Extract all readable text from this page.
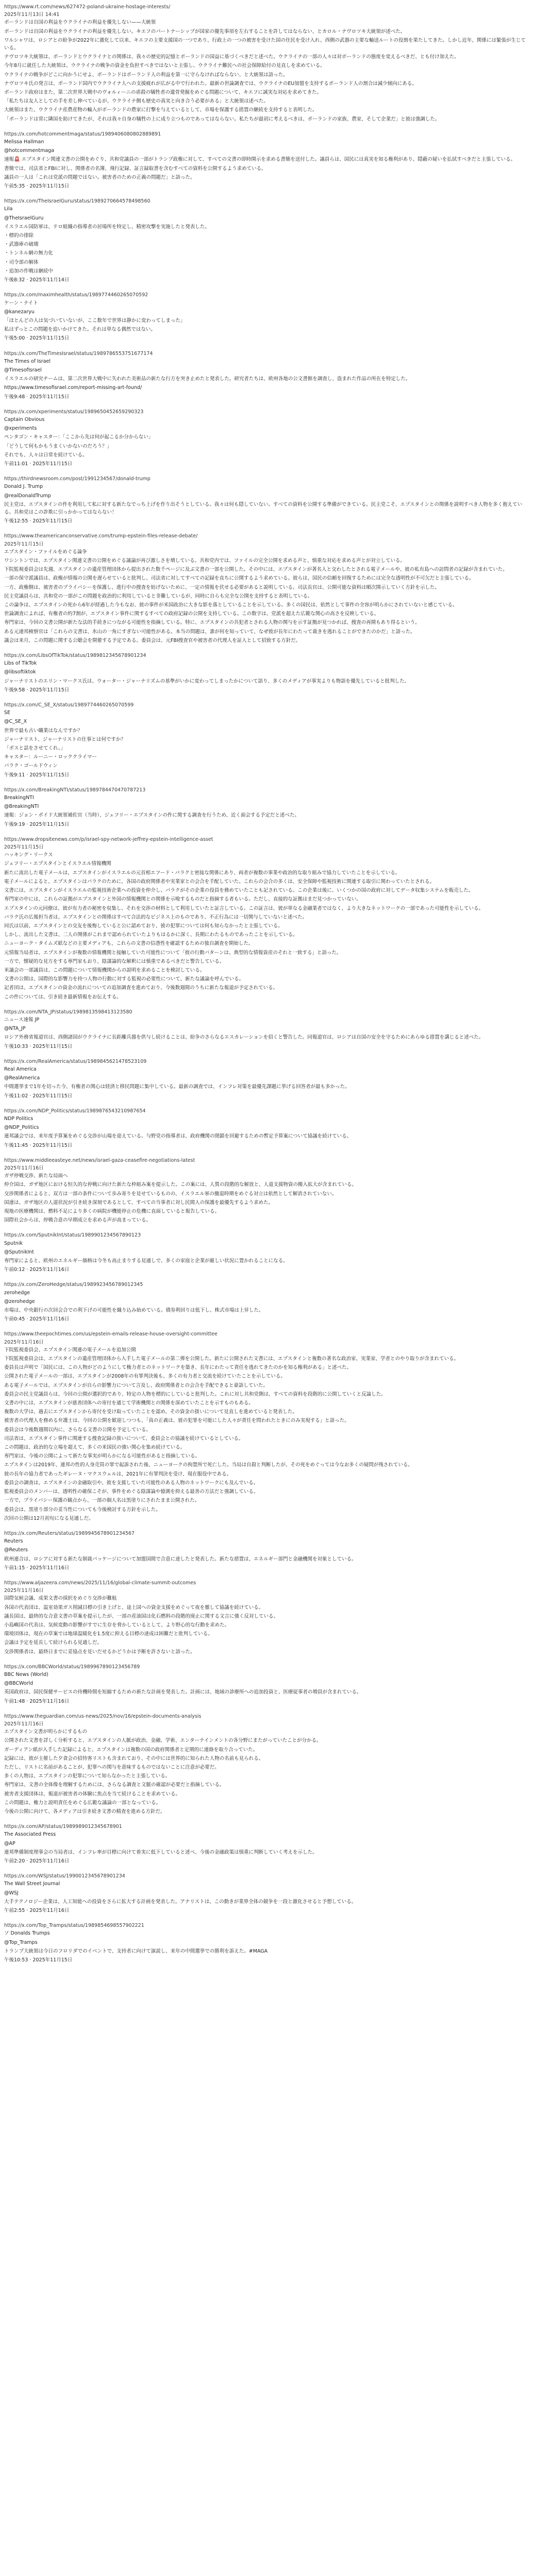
https://www.rt.com/news/627472-poland-ukraine-hostage-interests/
2025年11月13日 14:41
ポーランドは自国の利益をウクライナの利益を優先しない——大統領
ポーランドは自国の利益をウクライナの利益を優先しない。キエフのパートナーシップが国家の優先事項を左右することを許してはならない、とカロル・ナヴロツキ大統領が述べた。
ワルシャワは、ロシアとの紛争が2022年に激化して以来、キエフの主要支援国の一つであり、行政上の一つの被害を受けた国の住民を受け入れ、西側の武器の主要な輸送ルートの役割を果たしてきた。しかし近年、関係には緊張が生じている。
ナヴロツキ大統領は、ポーランドとウクライナとの関係は、我々の歴史的記憶とポーランドの国益に基づくべきだと述べた。ウクライナの一部の人々は対ポーランドの態度を変えるべきだ、とも付け加えた。
今年8月に就任した大統領は、ウクライナの戦争の資金を負担すべきではないと主張し、ウクライナ難民への社会保障給付の見直しを求めている。
ウクライナの戦争がどこに向かうにせよ、ポーランドはポーランド人の利益を第一に守らなければならない、と大統領は語った。
ナヴロツキ氏の発言は、ポーランド国内でウクライナ人への支援疲れが広がる中で行われた。最新の世論調査では、ウクライナのEU加盟を支持するポーランド人の割合は減少傾向にある。
ポーランド政府はまた、第二次世界大戦中のヴォルィーニの虐殺の犠牲者の遺骨発掘をめぐる問題について、キエフに誠実な対応を求めてきた。
「私たちは友人としての手を差し伸べているが、ウクライナ側も歴史の真実と向き合う必要がある」と大統領は述べた。
大統領はまた、ウクライナ産農産物の輸入がポーランドの農家に打撃を与えているとして、市場を保護する措置の継続を支持すると表明した。
「ポーランドは常に隣国を助けてきたが、それは我々自身の犠牲の上に成り立つものであってはならない。私たちが最初に考えるべきは、ポーランドの家族、農家、そして企業だ」と彼は強調した。
https://x.com/hotcommentmaga/status/1989406080802889891
Melissa Hallman
@hotcommentmaga
速報🚨 エプスタイン関連文書の公開をめぐり、共和党議員の一部がトランプ政権に対して、すべての文書の即時開示を求める書簡を送付した。議員らは、国民には真実を知る権利があり、隠蔽の疑いを払拭すべきだと主張している。
書簡では、司法省とFBIに対し、関係者の名簿、飛行記録、証言録取書を含むすべての資料を公開するよう求めている。
議員の一人は「これは党派の問題ではない。被害者のための正義の問題だ」と語った。
午前5:35 · 2025年11月15日
https://x.com/TheIsraelGuru/status/1989270664578498560
Lila
@TheIsraelGuru
イスラエル国防軍は、テロ組織の指導者の居場所を特定し、精密攻撃を実施したと発表した。
・標的の排除
・武器庫の破壊
・トンネル網の無力化
・司令部の解体
・追加の作戦は継続中
午後8:32 · 2025年11月14日
https://x.com/maximhealth/status/1989774460265070592
ケーン・ナイト
@kanezaryu
「ほとんどの人は気づいていないが、ここ数年で世界は静かに変わってしまった」
私はずっとこの問題を追いかけてきた。それは単なる偶然ではない。
午後5:00 · 2025年11月15日
https://x.com/TheTimesIsrael/status/1989786553751677174
The Times of Israel
@TimesofIsrael
イスラエルの研究チームは、第二次世界大戦中に失われた美術品の新たな行方を突き止めたと発表した。研究者たちは、欧州各地の公文書館を調査し、盗まれた作品の所在を特定した。
https://www.timesofisrael.com/report-missing-art-found/
午後9:48 · 2025年11月15日
https://x.com/xperiments/status/1989650452659290323
Captain Obvious
@xperiments
ペンタゴン・キャスター：「ここから先は何が起こるか分からない」
「どうして何もかもうまくいかないのだろう？」
それでも、人々は日常を続けている。
午前11:01 · 2025年11月15日
https://thirdnewsroom.com/post/1991234567/donald-trump
Donald J. Trump
@realDonaldTrump
民主党は、エプスタインの件を利用して私に対する新たなでっち上げを作り出そうとしている。我々は何も隠していない。すべての資料を公開する準備ができている。民主党こそ、エプスタインとの関係を説明すべき人物を多く抱えている。共和党はこの詐欺に引っかかってはならない！
午後12:55 · 2025年11月15日
https://www.theamericanconservative.com/trump-epstein-files-release-debate/
2025年11月15日
エプスタイン・ファイルをめぐる論争
ワシントンでは、エプスタイン関連文書の公開をめぐる議論が再び激しさを増している。共和党内では、ファイルの完全公開を求める声と、慎重な対応を求める声とが対立している。
下院監視委員会は先週、エプスタインの遺産管理団体から提出された数千ページに及ぶ文書の一部を公開した。その中には、エプスタインが著名人と交わしたとされる電子メールや、彼の私有島への訪問者の記録が含まれていた。
一部の保守派議員は、政権が情報の公開を遅らせていると批判し、司法省に対してすべての記録を直ちに公開するよう求めている。彼らは、国民の信頼を回復するためには完全な透明性が不可欠だと主張している。
一方、政権側は、被害者のプライバシーを保護し、進行中の捜査を妨げないために、一定の情報を伏せる必要があると説明している。司法長官は、公開可能な資料は順次開示していく方針を示した。
民主党議員らは、共和党の一部がこの問題を政治的に利用していると非難しているが、同時に自らも完全な公開を支持すると表明している。
この論争は、エプスタインの死から6年が経過した今もなお、彼の事件が米国政治に大きな影を落としていることを示している。多くの国民は、依然として事件の全容が明らかにされていないと感じている。
世論調査によれば、有権者の約7割が、エプスタイン事件に関するすべての政府記録の公開を支持している。この数字は、党派を超えた広範な関心の高さを反映している。
専門家は、今回の文書公開が新たな法的手続きにつながる可能性を指摘している。特に、エプスタインの共犯者とされる人物の関与を示す証拠が見つかれば、捜査の再開もあり得るという。
ある元連邦検察官は「これらの文書は、氷山の一角にすぎない可能性がある。本当の問題は、誰が何を知っていて、なぜ彼が長年にわたって裁きを逃れることができたのかだ」と語った。
議会は来月、この問題に関する公聴会を開催する予定である。委員会は、元FBI捜査官や被害者の代理人を証人として招致する方針だ。
https://x.com/LibsOfTikTok/status/1989812345678901234
Libs of TikTok
@libsoftiktok
ジャーナリストのエリン・マークス氏は、ウォーター・ジャーナリズムの基準がいかに変わってしまったかについて語り、多くのメディアが事実よりも物語を優先していると批判した。
午後9:58 · 2025年11月15日
https://x.com/C_SE_X/status/1989774460265070599
SE
@C_SE_X
世界で最も古い職業はなんですか？
ジャーナリスト、ジャーナリストの仕事とは何ですか？
「ボスと話をさせてくれ。」
キャスター：ルーニー・ロッククライマー
バラク・ゴールドウィン
午後9:11 · 2025年11月15日
https://x.com/BreakingNTI/status/1989784470470787213
BreakingNTI
@BreakingNTI
速報：ジョン・ボイド大統領補佐官（当時）、ジェフリー・エプスタインの件に関する調査を行うため、近く面会する予定だと述べた。
午後9:19 · 2025年11月15日
https://www.dropsitenews.com/p/israel-spy-network-jeffrey-epstein-intelligence-asset
2025年11月15日
ハッキング・リークス
ジェフリー・エプスタインとイスラエル情報機関
新たに流出した電子メールは、エプスタインがイスラエルの元首相エフード・バラクと密接な関係にあり、両者が複数の事業や政治的な取り組みで協力していたことを示している。
電子メールによると、エプスタインはバラクのために、各国の政府関係者や実業家との会合を手配していた。これらの会合の多くは、安全保障や監視技術に関連する取引に関わっていたとされる。
文書には、エプスタインがイスラエルの監視技術企業への投資を仲介し、バラクがその企業の役員を務めていたことも記されている。この企業は後に、いくつかの国の政府に対してデータ収集システムを販売した。
専門家の中には、これらの証拠がエプスタインと外国の情報機関との関係を示唆するものだと指摘する者もいる。ただし、直接的な証拠はまだ見つかっていない。
エプスタインの元同僚は、彼が有力者の秘密を収集し、それを交渉の材料として利用していたと証言している。この証言は、彼が単なる金融業者ではなく、より大きなネットワークの一部であった可能性を示している。
バラク氏の広報担当者は、エプスタインとの関係はすべて合法的なビジネス上のものであり、不正行為には一切関与していないと述べた。
同氏は以前、エプスタインとの交友を後悔していると公に認めており、彼の犯罪については何も知らなかったと主張している。
しかし、流出した文書は、二人の関係がこれまで認められていたよりもはるかに深く、長期にわたるものであったことを示している。
ニューヨーク・タイムズ紙などの主要メディアも、これらの文書の信憑性を確認するための独自調査を開始した。
元情報当局者は、エプスタインが複数の情報機関と接触していた可能性について「彼の行動パターンは、典型的な情報資産のそれと一致する」と語った。
一方で、懐疑的な見方をする専門家もおり、陰謀論的な解釈には慎重であるべきだと警告している。
米議会の一部議員は、この問題について情報機関からの説明を求めることを検討している。
文書の公開は、国際的な影響力を持つ人物の行動に対する監視の必要性について、新たな議論を呼んでいる。
記者団は、エプスタインの資金の流れについての追加調査を進めており、今後数週間のうちに新たな報道が予定されている。
この件については、引き続き最新情報をお伝えする。
https://x.com/NTA_JP/status/1989813598413123580
ニュース速報 JP
@NTA_JP
ロシア外務省報道官は、西側諸国がウクライナに長距離兵器を供与し続けることは、紛争のさらなるエスカレーションを招くと警告した。同報道官は、ロシアは自国の安全を守るためにあらゆる措置を講じると述べた。
午後10:33 · 2025年11月15日
https://x.com/RealAmerica/status/1989845621478523109
Real America
@RealAmerica
中間選挙まで1年を切った今、有権者の関心は経済と移民問題に集中している。最新の調査では、インフレ対策を最優先課題に挙げる回答者が最も多かった。
午後11:02 · 2025年11月15日
https://x.com/NDP_Politics/status/1989876543210987654
NDP Politics
@NDP_Politics
連邦議会では、来年度予算案をめぐる交渉が山場を迎えている。与野党の指導者は、政府機関の閉鎖を回避するための暫定予算案について協議を続けている。
午後11:45 · 2025年11月15日
https://www.middleeasteye.net/news/israel-gaza-ceasefire-negotiations-latest
2025年11月16日
ガザ停戦交渉、新たな局面へ
仲介国は、ガザ地区における恒久的な停戦に向けた新たな枠組み案を提示した。この案には、人質の段階的な解放と、人道支援物資の搬入拡大が含まれている。
交渉関係者によると、双方は一部の条件について歩み寄りを見せているものの、イスラエル軍の撤退時期をめぐる対立は依然として解消されていない。
国連は、ガザ地区の人道状況が引き続き深刻であるとして、すべての当事者に対し民間人の保護を最優先するよう求めた。
現地の医療機関は、燃料不足により多くの病院が機能停止の危機に直面していると報告している。
国際社会からは、停戦合意の早期成立を求める声が高まっている。
https://x.com/SputnikInt/status/1989901234567890123
Sputnik
@SputnikInt
専門家によると、欧州のエネルギー価格は今冬も高止まりする見通しで、多くの家庭と企業が厳しい状況に置かれることになる。
午前0:12 · 2025年11月16日
https://x.com/ZeroHedge/status/1989923456789012345
zerohedge
@zerohedge
市場は、中央銀行の次回会合での利下げの可能性を織り込み始めている。債券利回りは低下し、株式市場は上昇した。
午前0:45 · 2025年11月16日
https://www.theepochtimes.com/us/epstein-emails-release-house-oversight-committee
2025年11月16日
下院監視委員会、エプスタイン関連の電子メールを追加公開
下院監視委員会は、エプスタインの遺産管理団体から入手した電子メールの第二弾を公開した。新たに公開された文書には、エプスタインと複数の著名な政治家、実業家、学者とのやり取りが含まれている。
委員長は声明で「国民には、この人物がどのようにして権力者とのネットワークを築き、長年にわたって責任を逃れてきたのかを知る権利がある」と述べた。
公開された電子メールの一部は、エプスタインが2008年の有罪判決後も、多くの有力者と交流を続けていたことを示している。
ある電子メールでは、エプスタインが自らの影響力について言及し、政府関係者との会合を手配できると豪語していた。
委員会の民主党議員らは、今回の公開が選択的であり、特定の人物を標的にしていると批判した。これに対し共和党側は、すべての資料を段階的に公開していくと反論した。
文書の中には、エプスタインが慈善団体への寄付を通じて学術機関との関係を深めていたことを示すものもある。
複数の大学は、過去にエプスタインから寄付を受け取っていたことを認め、その資金の扱いについて見直しを進めていると発表した。
被害者の代理人を務める弁護士は、今回の公開を歓迎しつつも、「真の正義は、彼の犯罪を可能にした人々が責任を問われたときにのみ実現する」と語った。
委員会は今後数週間以内に、さらなる文書の公開を予定している。
司法省は、エプスタイン事件に関連する捜査記録の扱いについて、委員会との協議を続けているとしている。
この問題は、政治的な立場を超えて、多くの米国民の強い関心を集め続けている。
専門家は、今後の公開によって新たな事実が明らかになる可能性があると指摘している。
エプスタインは2019年、連邦の性的人身売買の罪で起訴された後、ニューヨークの拘置所で死亡した。当局は自殺と判断したが、その死をめぐっては今なお多くの疑問が残されている。
彼の長年の協力者であったギレーヌ・マクスウェルは、2021年に有罪判決を受け、現在服役中である。
委員会の調査は、エプスタインの金融取引や、彼を支援していた可能性のある人物のネットワークにも及んでいる。
監視委員会のメンバーは、透明性の確保こそが、事件をめぐる陰謀論や憶測を抑える最善の方法だと強調している。
一方で、プライバシー保護の観点から、一部の個人名は黒塗りにされたまま公開された。
委員会は、黒塗り部分の妥当性についても今後検討する方針を示した。
次回の公開は12月初旬になる見通しだ。
https://x.com/Reuters/status/1989945678901234567
Reuters
@Reuters
欧州連合は、ロシアに対する新たな制裁パッケージについて加盟国間で合意に達したと発表した。新たな措置は、エネルギー部門と金融機関を対象としている。
午前1:15 · 2025年11月16日
https://www.aljazeera.com/news/2025/11/16/global-climate-summit-outcomes
2025年11月16日
国際気候会議、成果文書の採択をめぐり交渉が難航
各国の代表団は、温室効果ガス削減目標の引き上げと、途上国への資金支援をめぐって夜を徹して協議を続けている。
議長国は、最終的な合意文書の草案を提示したが、一部の産油国は化石燃料の段階的廃止に関する文言に強く反対している。
小島嶼国の代表は、気候変動の影響がすでに生存を脅かしているとして、より野心的な行動を求めた。
環境団体は、現在の草案では地球温暖化を1.5度に抑える目標の達成は困難だと批判している。
会議は予定を延長して続けられる見通しだ。
交渉関係者は、最終日までに妥協点を見いだせるかどうかは予断を許さないと語った。
https://x.com/BBCWorld/status/1989967890123456789
BBC News (World)
@BBCWorld
英国政府は、国民保健サービスの待機時間を短縮するための新たな計画を発表した。計画には、地域の診療所への追加投資と、医療従事者の増員が含まれている。
午前1:48 · 2025年11月16日
https://www.theguardian.com/us-news/2025/nov/16/epstein-documents-analysis
2025年11月16日
エプスタイン文書が明らかにするもの
公開された文書を詳しく分析すると、エプスタインの人脈が政治、金融、学術、エンターテインメントの各分野にまたがっていたことが分かる。
ガーディアン紙が入手した記録によると、エプスタインは複数の国の政府関係者と定期的に連絡を取り合っていた。
記録には、彼が主催した夕食会の招待客リストも含まれており、その中には世界的に知られた人物の名前も見られる。
ただし、リストに名前があることが、犯罪への関与を意味するものではないことに注意が必要だ。
多くの人物は、エプスタインの犯罪について知らなかったと主張している。
専門家は、文書の全体像を理解するためには、さらなる調査と文脈の確認が必要だと指摘している。
被害者支援団体は、報道が被害者の体験に焦点を当て続けることを求めている。
この問題は、権力と説明責任をめぐる広範な議論の一部となっている。
今後の公開に向けて、各メディアは引き続き文書の精査を進める方針だ。
https://x.com/AP/status/1989989012345678901
The Associated Press
@AP
連邦準備制度理事会の当局者は、インフレ率が目標に向けて着実に低下していると述べ、今後の金融政策は慎重に判断していく考えを示した。
午前2:20 · 2025年11月16日
https://x.com/WSJ/status/1990012345678901234
The Wall Street Journal
@WSJ
大手テクノロジー企業は、人工知能への投資をさらに拡大する計画を発表した。アナリストは、この動きが業界全体の競争を一段と激化させると予想している。
午前2:55 · 2025年11月16日
https://x.com/Top_Tramps/status/1989854698557902221
ソ Donalds Trumps
@Top_Tramps
トランプ大統領は今日のフロリダでのイベントで、支持者に向けて演説し、来年の中間選挙での勝利を訴えた。#MAGA
午後10:53 · 2025年11月15日
